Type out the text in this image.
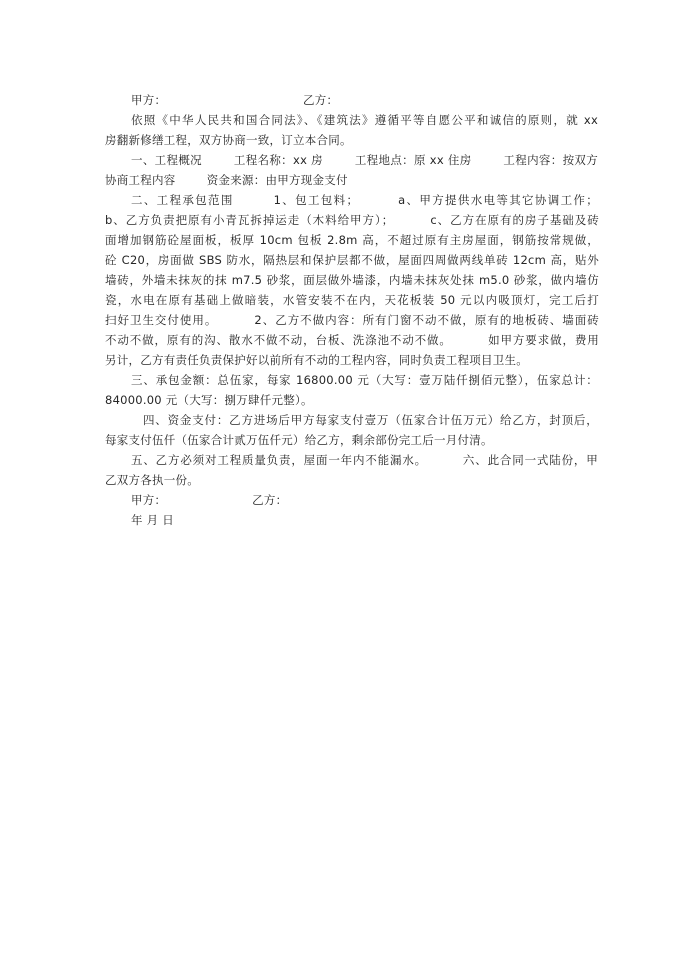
甲方：                                   乙方：
依照《中华人民共和国合同法》、《建筑法》遵循平等自愿公平和诚信的原则，就 xx
房翻新修缮工程，双方协商一致，订立本合同。
一、工程概况        工程名称：xx 房        工程地点：原 xx 住房        工程内容：按双方
协商工程内容        资金来源：由甲方现金支付
二、工程承包范围        1、包工包料；        a、甲方提供水电等其它协调工作；
b、乙方负责把原有小青瓦拆掉运走（木料给甲方）；        c、乙方在原有的房子基础及砖
面增加钢筋砼屋面板，板厚 10cm 包板 2.8m 高，不超过原有主房屋面，钢筋按常规做，
砼 C20，房面做 SBS 防水，隔热层和保护层都不做，屋面四周做两线单砖 12cm 高，贴外
墙砖，外墙未抹灰的抹 m7.5 砂浆，面层做外墙漆，内墙未抹灰处抹 m5.0 砂浆，做内墙仿
瓷，水电在原有基础上做暗装，水管安装不在内，天花板装 50 元以内吸顶灯，完工后打
扫好卫生交付使用。        2、乙方不做内容：所有门窗不动不做，原有的地板砖、墙面砖
不动不做，原有的沟、散水不做不动，台板、洗涤池不动不做。        如甲方要求做，费用
另计，乙方有责任负责保护好以前所有不动的工程内容，同时负责工程项目卫生。
三、承包金额：总伍家，每家 16800.00 元（大写：壹万陆仟捌佰元整），伍家总计：
84000.00 元（大写：捌万肆仟元整）。
四、资金支付：乙方进场后甲方每家支付壹万（伍家合计伍万元）给乙方，封顶后，
每家支付伍仟（伍家合计贰万伍仟元）给乙方，剩余部份完工后一月付清。
五、乙方必须对工程质量负责，屋面一年内不能漏水。        六、此合同一式陆份，甲
乙双方各执一份。
甲方：                      乙方：
年 月 日
